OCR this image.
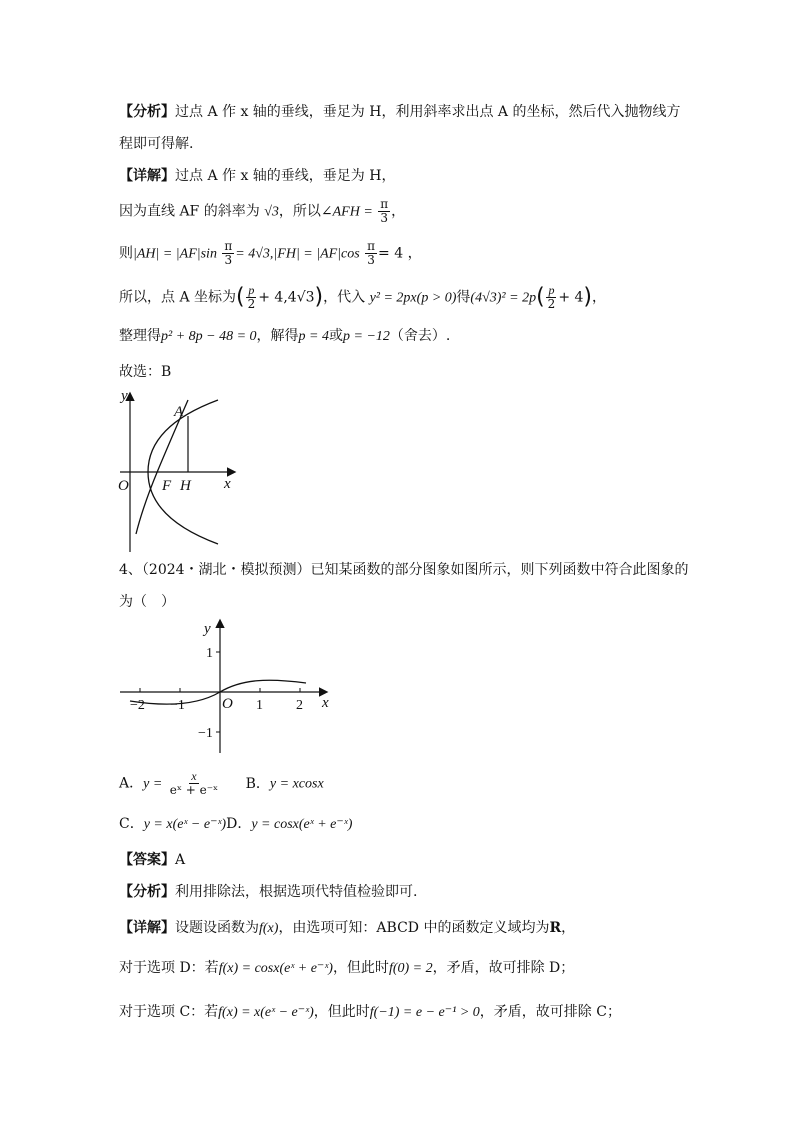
【分析】过点 A 作 x 轴的垂线，垂足为 H，利用斜率求出点 A 的坐标，然后代入抛物线方
程即可得解.
【详解】过点 A 作 x 轴的垂线，垂足为 H，
因为直线 AF 的斜率为 √3，所以∠AFH = $\frac{\pi}{3}$ ，
则$|AH| = |AF|\sin \frac{\pi}{3} = 4√3,|FH| = |AF|\cos \frac{\pi}{3} = 4$ ，
所以，点 A 坐标为( $\frac{p}{2} + 4,4√3$)，代入 y² = 2px(p > 0)得$(4√3)^2 = 2p( \frac{p}{2} + 4)$，
整理得p² + 8p − 48 = 0，解得p = 4或p = −12（舍去）.
故选：B
y
A
O F H x
4、（2024・湖北・模拟预测）已知某函数的部分图象如图所示，则下列函数中符合此图象的
为（　）
y
x
O
1
−1
1 2
−1
−2
A．$y = \frac{x}{\text{eˣ + e⁻ˣ}}$ B．y = xcosx
C．y = x(eˣ − e⁻ˣ)D．y = cosx(eˣ + e⁻ˣ)
【答案】A
【分析】利用排除法，根据选项代特值检验即可.
【详解】设题设函数为f(x)，由选项可知：ABCD 中的函数定义域均为R，
对于选项 D：若f(x) = cosx(eˣ + e⁻ˣ)，但此时f(0) = 2，矛盾，故可排除 D；
对于选项 C：若f(x) = x(eˣ − e⁻ˣ)，但此时f(−1) = e − e⁻¹ > 0，矛盾，故可排除 C；
